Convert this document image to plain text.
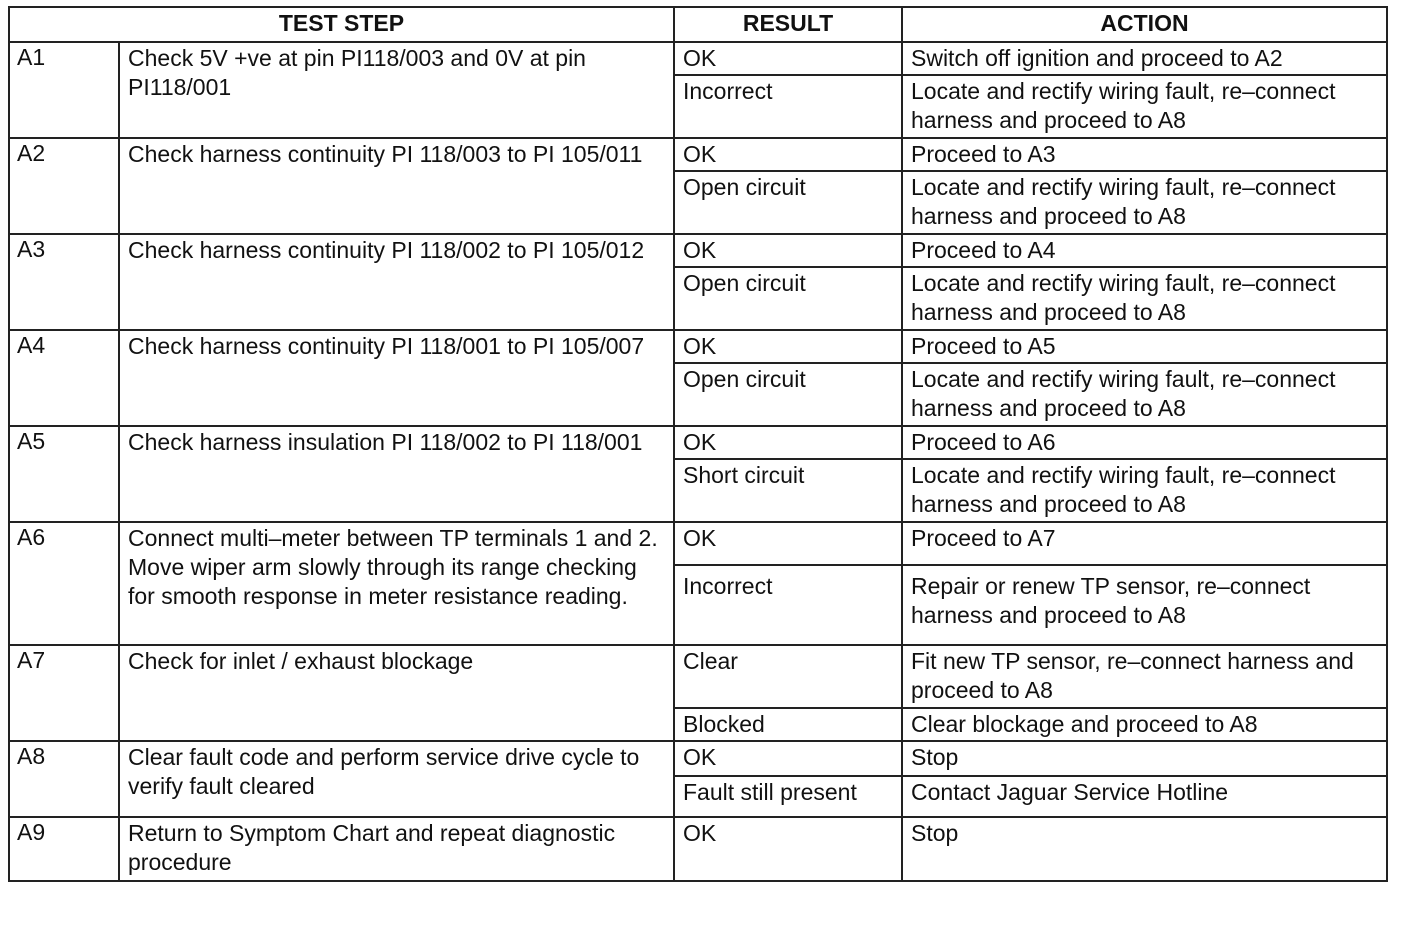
TEST STEP		RESULT	ACTION
A1	Check 5V +ve at pin PI118/003 and 0V at pin PI118/001	OK	Switch off ignition and proceed to A2
		Incorrect	Locate and rectify wiring fault, re–connect harness and proceed to A8
A2	Check harness continuity PI 118/003 to PI 105/011	OK	Proceed to A3
		Open circuit	Locate and rectify wiring fault, re–connect harness and proceed to A8
A3	Check harness continuity PI 118/002 to PI 105/012	OK	Proceed to A4
		Open circuit	Locate and rectify wiring fault, re–connect harness and proceed to A8
A4	Check harness continuity PI 118/001 to PI 105/007	OK	Proceed to A5
		Open circuit	Locate and rectify wiring fault, re–connect harness and proceed to A8
A5	Check harness insulation PI 118/002 to PI 118/001	OK	Proceed to A6
		Short circuit	Locate and rectify wiring fault, re–connect harness and proceed to A8
A6	Connect multi–meter between TP terminals 1 and 2. Move wiper arm slowly through its range checking for smooth response in meter resistance reading.	OK	Proceed to A7
		Incorrect	Repair or renew TP sensor, re–connect harness and proceed to A8
A7	Check for inlet / exhaust blockage	Clear	Fit new TP sensor, re–connect harness and proceed to A8
		Blocked	Clear blockage and proceed to A8
A8	Clear fault code and perform service drive cycle to verify fault cleared	OK	Stop
		Fault still present	Contact Jaguar Service Hotline
A9	Return to Symptom Chart and repeat diagnostic procedure	OK	Stop
